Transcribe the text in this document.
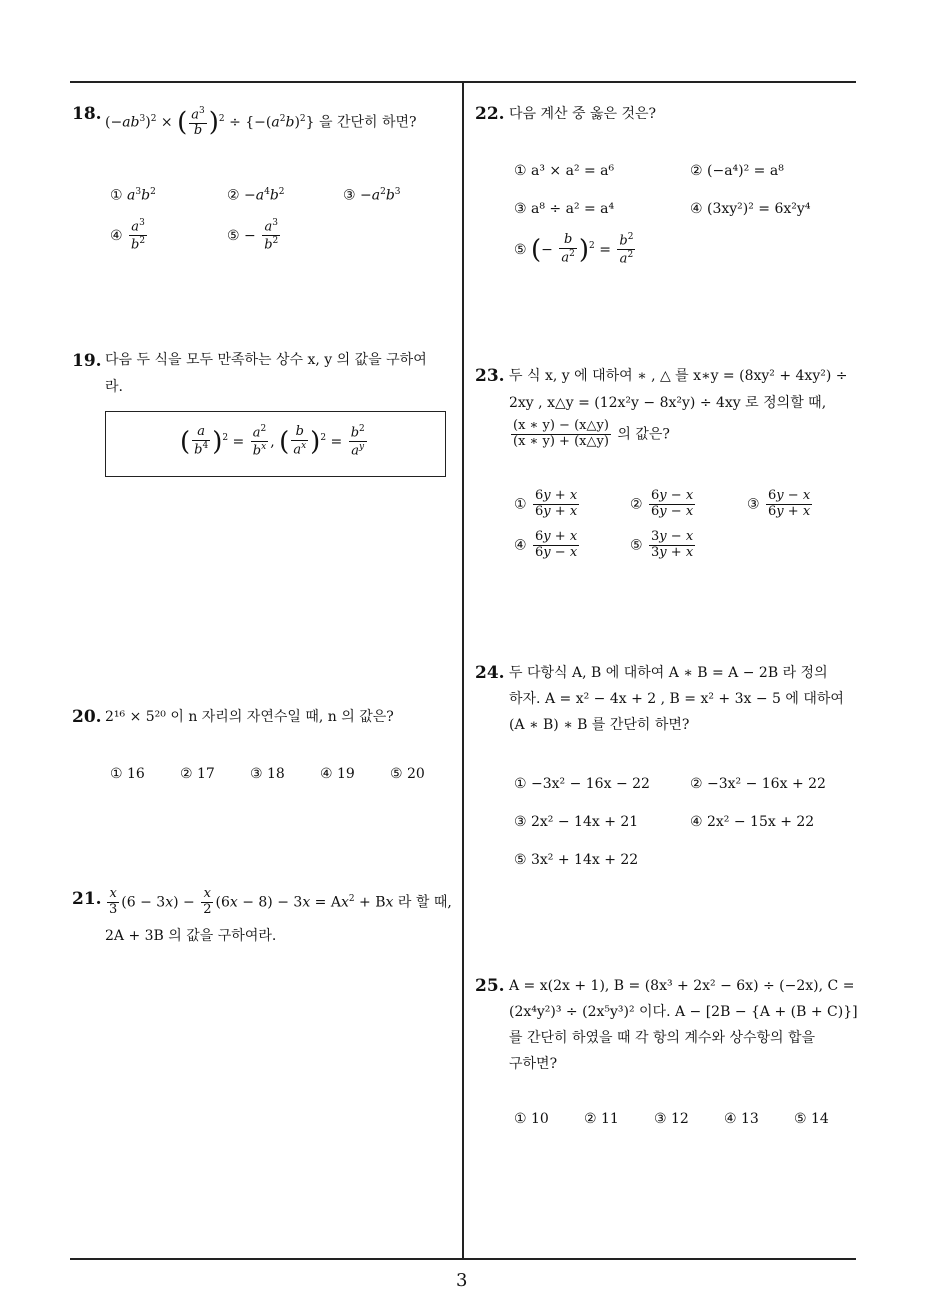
18. $(-ab^3)^2$ × ( $\frac{a^3}{b} )^2 \div \{-(a^2b)^2\}$ 을 간단히 하면?
① $a^3b^2$	② $-a^4b^2$	③ $-a^2b^3$
④ $\frac{a^3}{b^2}$	⑤ − $\frac{a^3}{b^2}$
19. 다음 두 식을 모두 만족하는 상수 x, y 의 값을 구하여
라.
( $\frac{a}{b^4} )^2 = \frac{a^2}{b^x}$ , ( $\frac{b}{a^x} )^2 = \frac{b^2}{a^y}$
20. 2¹⁶ × 5²⁰ 이 n 자리의 자연수일 때, n 의 값은?
① 16	② 17	③ 18	④ 19	⑤ 20
21. $\frac{x}{3} (6 - 3x) - \frac{x}{2} (6x - 8) - 3x = Ax^2 + Bx$ 라 할 때,
2A + 3B 의 값을 구하여라.
22. 다음 계산 중 옳은 것은?
① a³ × a² = a⁶	② (−a⁴)² = a⁸
③ a⁸ ÷ a² = a⁴	④ (3xy²)² = 6x²y⁴
⑤ (− $\frac{b}{a^2} )^2 = \frac{b^2}{a^2}$
23. 두 식 x, y 에 대하여 ∗ , △ 를 x∗y = (8xy² + 4xy²) ÷
2xy , x△y = (12x²y − 8x²y) ÷ 4xy 로 정의할 때,
$\frac{(x ∗ y) - (x\triangle y)}{(x ∗ y) + (x\triangle y)}$ 의 값은?
① $\frac{6y + x}{6y + x}$	② $\frac{6y - x}{6y - x}$	③ $\frac{6y - x}{6y + x}$
④ $\frac{6y + x}{6y - x}$	⑤ $\frac{3y - x}{3y + x}$
24. 두 다항식 A, B 에 대하여 A ∗ B = A − 2B 라 정의
하자. A = x² − 4x + 2 , B = x² + 3x − 5 에 대하여
(A ∗ B) ∗ B 를 간단히 하면?
① −3x² − 16x − 22	② −3x² − 16x + 22
③ 2x² − 14x + 21	④ 2x² − 15x + 22
⑤ 3x² + 14x + 22
25. A = x(2x + 1), B = (8x³ + 2x² − 6x) ÷ (−2x), C =
(2x⁴y²)³ ÷ (2x⁵y³)² 이다. A − [2B − {A + (B + C)}]
를 간단히 하였을 때 각 항의 계수와 상수항의 합을
구하면?
① 10	② 11	③ 12	④ 13	⑤ 14
3
